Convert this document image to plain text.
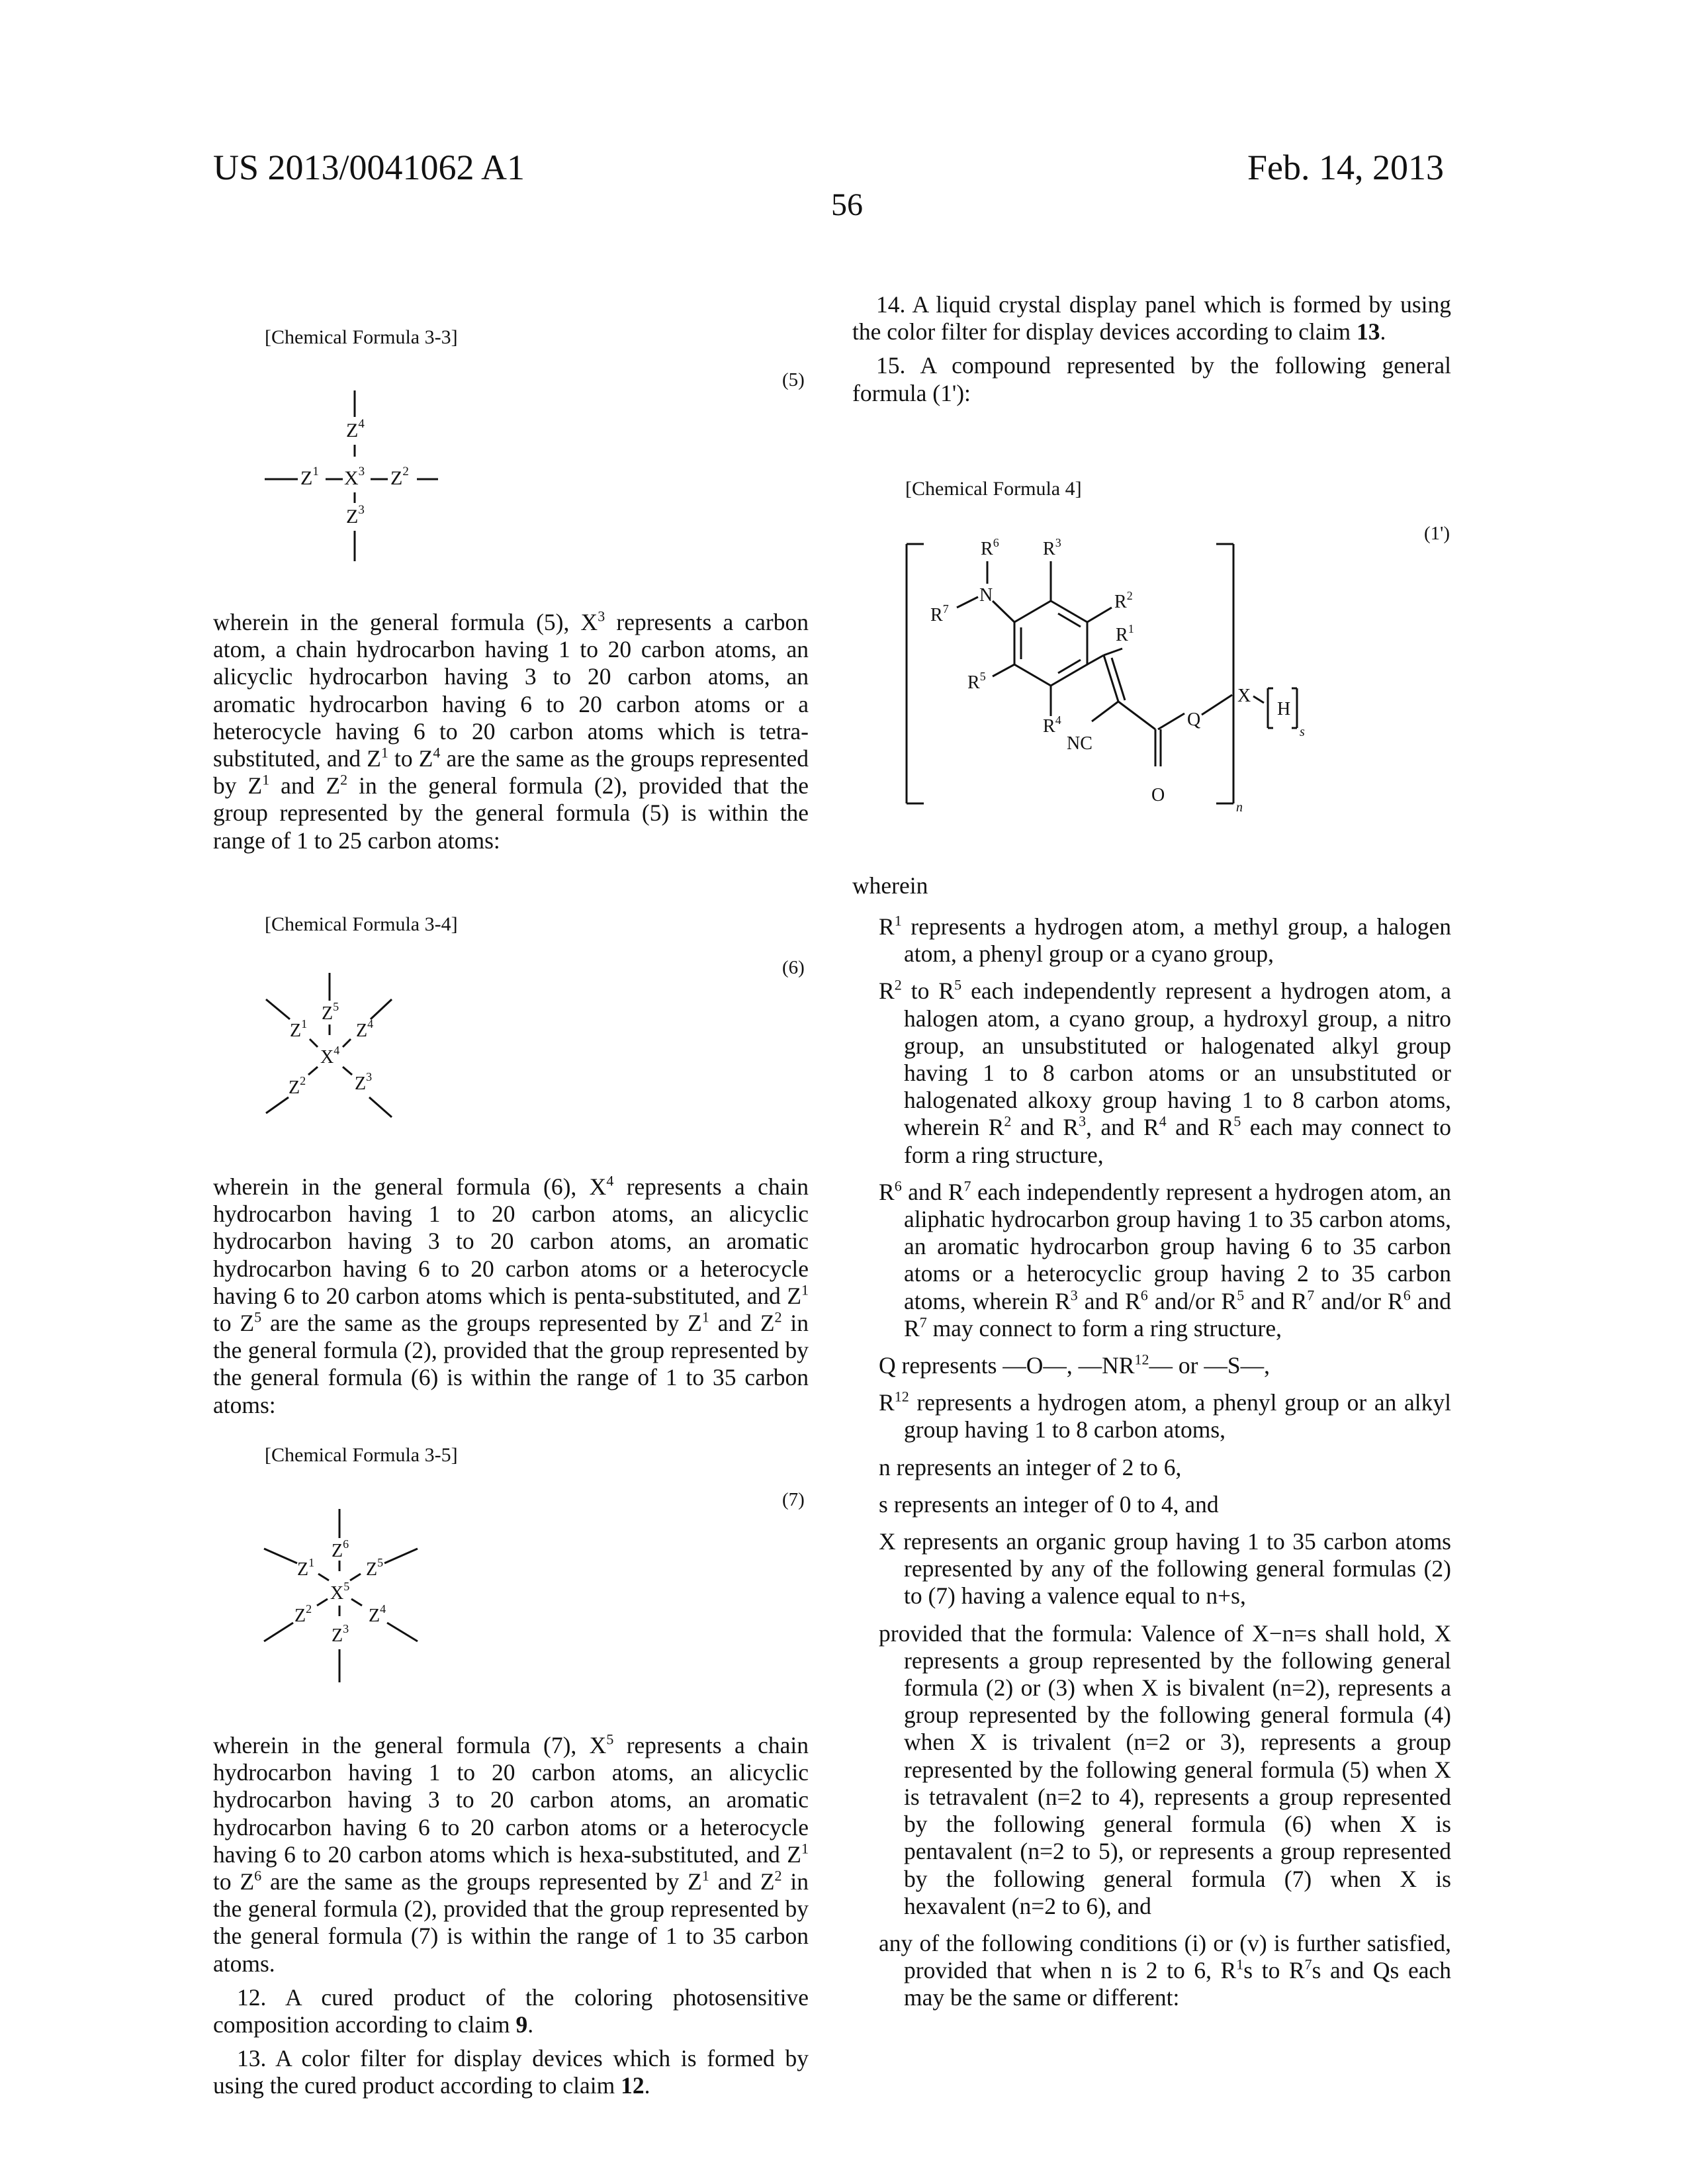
US 2013/0041062 A1	Feb. 14, 2013
56
[Chemical Formula 3-3]
(5)
Z4
Z1 X3 Z2
Z3

wherein in the general formula (5), X3 represents a carbon atom, a chain hydrocarbon having 1 to 20 carbon atoms, an alicyclic hydrocarbon having 3 to 20 carbon atoms, an aromatic hydrocarbon having 6 to 20 carbon atoms or a heterocycle having 6 to 20 carbon atoms which is tetra-substituted, and Z1 to Z4 are the same as the groups represented by Z1 and Z2 in the general formula (2), provided that the group represented by the general formula (5) is within the range of 1 to 25 carbon atoms:

[Chemical Formula 3-4]
(6)
Z5
Z1	Z4
X4
Z2	Z3

wherein in the general formula (6), X4 represents a chain hydrocarbon having 1 to 20 carbon atoms, an alicyclic hydrocarbon having 3 to 20 carbon atoms, an aromatic hydrocarbon having 6 to 20 carbon atoms or a heterocycle having 6 to 20 carbon atoms which is penta-substituted, and Z1 to Z5 are the same as the groups represented by Z1 and Z2 in the general formula (2), provided that the group represented by the general formula (6) is within the range of 1 to 35 carbon atoms:

[Chemical Formula 3-5]
(7)
Z6
Z1	Z5
X5
Z2	Z4
Z3

wherein in the general formula (7), X5 represents a chain hydrocarbon having 1 to 20 carbon atoms, an alicyclic hydrocarbon having 3 to 20 carbon atoms, an aromatic hydrocarbon having 6 to 20 carbon atoms or a heterocycle having 6 to 20 carbon atoms which is hexa-substituted, and Z1 to Z6 are the same as the groups represented by Z1 and Z2 in the general formula (2), provided that the group represented by the general formula (7) is within the range of 1 to 35 carbon atoms.

12. A cured product of the coloring photosensitive composition according to claim 9.

13. A color filter for display devices which is formed by using the cured product according to claim 12.

14. A liquid crystal display panel which is formed by using the color filter for display devices according to claim 13.

15. A compound represented by the following general formula (1'):

[Chemical Formula 4]
(1')
n
R3
R2
N
R6
R7
R5
R4
R1
NC
O
Q
X
H
s
wherein

R1 represents a hydrogen atom, a methyl group, a halogen atom, a phenyl group or a cyano group,

R2 to R5 each independently represent a hydrogen atom, a halogen atom, a cyano group, a hydroxyl group, a nitro group, an unsubstituted or halogenated alkyl group having 1 to 8 carbon atoms or an unsubstituted or halogenated alkoxy group having 1 to 8 carbon atoms, wherein R2 and R3, and R4 and R5 each may connect to form a ring structure,

R6 and R7 each independently represent a hydrogen atom, an aliphatic hydrocarbon group having 1 to 35 carbon atoms, an aromatic hydrocarbon group having 6 to 35 carbon atoms or a heterocyclic group having 2 to 35 carbon atoms, wherein R3 and R6 and/or R5 and R7 and/or R6 and R7 may connect to form a ring structure,

Q represents —O—, —NR12— or —S—,

R12 represents a hydrogen atom, a phenyl group or an alkyl group having 1 to 8 carbon atoms,

n represents an integer of 2 to 6,

s represents an integer of 0 to 4, and

X represents an organic group having 1 to 35 carbon atoms represented by any of the following general formulas (2) to (7) having a valence equal to n+s,

provided that the formula: Valence of X−n=s shall hold, X represents a group represented by the following general formula (2) or (3) when X is bivalent (n=2), represents a group represented by the following general formula (4) when X is trivalent (n=2 or 3), represents a group represented by the following general formula (5) when X is tetravalent (n=2 to 4), represents a group represented by the following general formula (6) when X is pentavalent (n=2 to 5), or represents a group represented by the following general formula (7) when X is hexavalent (n=2 to 6), and

any of the following conditions (i) or (v) is further satisfied, provided that when n is 2 to 6, R1s to R7s and Qs each may be the same or different:
